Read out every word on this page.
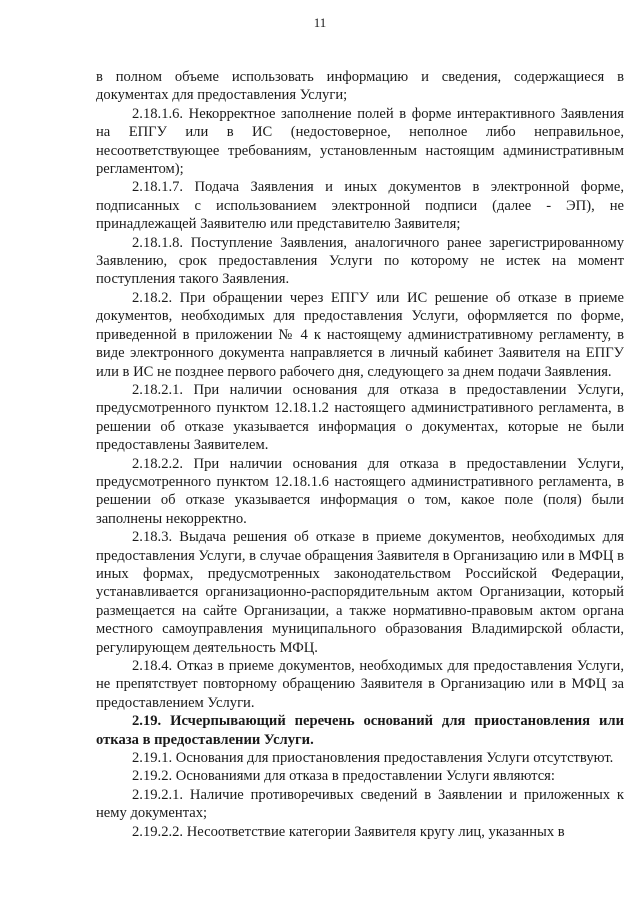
11

в полном объеме использовать информацию и сведения, содержащиеся в документах для предоставления Услуги;

2.18.1.6. Некорректное заполнение полей в форме интерактивного Заявления на ЕПГУ или в ИС (недостоверное, неполное либо неправильное, несоответствующее требованиям, установленным настоящим административным регламентом);

2.18.1.7. Подача Заявления и иных документов в электронной форме, подписанных с использованием электронной подписи (далее - ЭП), не принадлежащей Заявителю или представителю Заявителя;

2.18.1.8. Поступление Заявления, аналогичного ранее зарегистрированному Заявлению, срок предоставления Услуги по которому не истек на момент поступления такого Заявления.

2.18.2. При обращении через ЕПГУ или ИС решение об отказе в приеме документов, необходимых для предоставления Услуги, оформляется по форме, приведенной в приложении № 4 к настоящему административному регламенту, в виде электронного документа направляется в личный кабинет Заявителя на ЕПГУ или в ИС не позднее первого рабочего дня, следующего за днем подачи Заявления.

2.18.2.1. При наличии основания для отказа в предоставлении Услуги, предусмотренного пунктом 12.18.1.2 настоящего административного регламента, в решении об отказе указывается информация о документах, которые не были предоставлены Заявителем.

2.18.2.2. При наличии основания для отказа в предоставлении Услуги, предусмотренного пунктом 12.18.1.6 настоящего административного регламента, в решении об отказе указывается информация о том, какое поле (поля) были заполнены некорректно.

2.18.3. Выдача решения об отказе в приеме документов, необходимых для предоставления Услуги, в случае обращения Заявителя в Организацию или в МФЦ в иных формах, предусмотренных законодательством Российской Федерации, устанавливается организационно-распорядительным актом Организации, который размещается на сайте Организации, а также нормативно-правовым актом органа местного самоуправления муниципального образования Владимирской области, регулирующем деятельность МФЦ.

2.18.4. Отказ в приеме документов, необходимых для предоставления Услуги, не препятствует повторному обращению Заявителя в Организацию или в МФЦ за предоставлением Услуги.

2.19. Исчерпывающий перечень оснований для приостановления или отказа в предоставлении Услуги.

2.19.1. Основания для приостановления предоставления Услуги отсутствуют.

2.19.2. Основаниями для отказа в предоставлении Услуги являются:

2.19.2.1. Наличие противоречивых сведений в Заявлении и приложенных к нему документах;

2.19.2.2. Несоответствие категории Заявителя кругу лиц, указанных в
